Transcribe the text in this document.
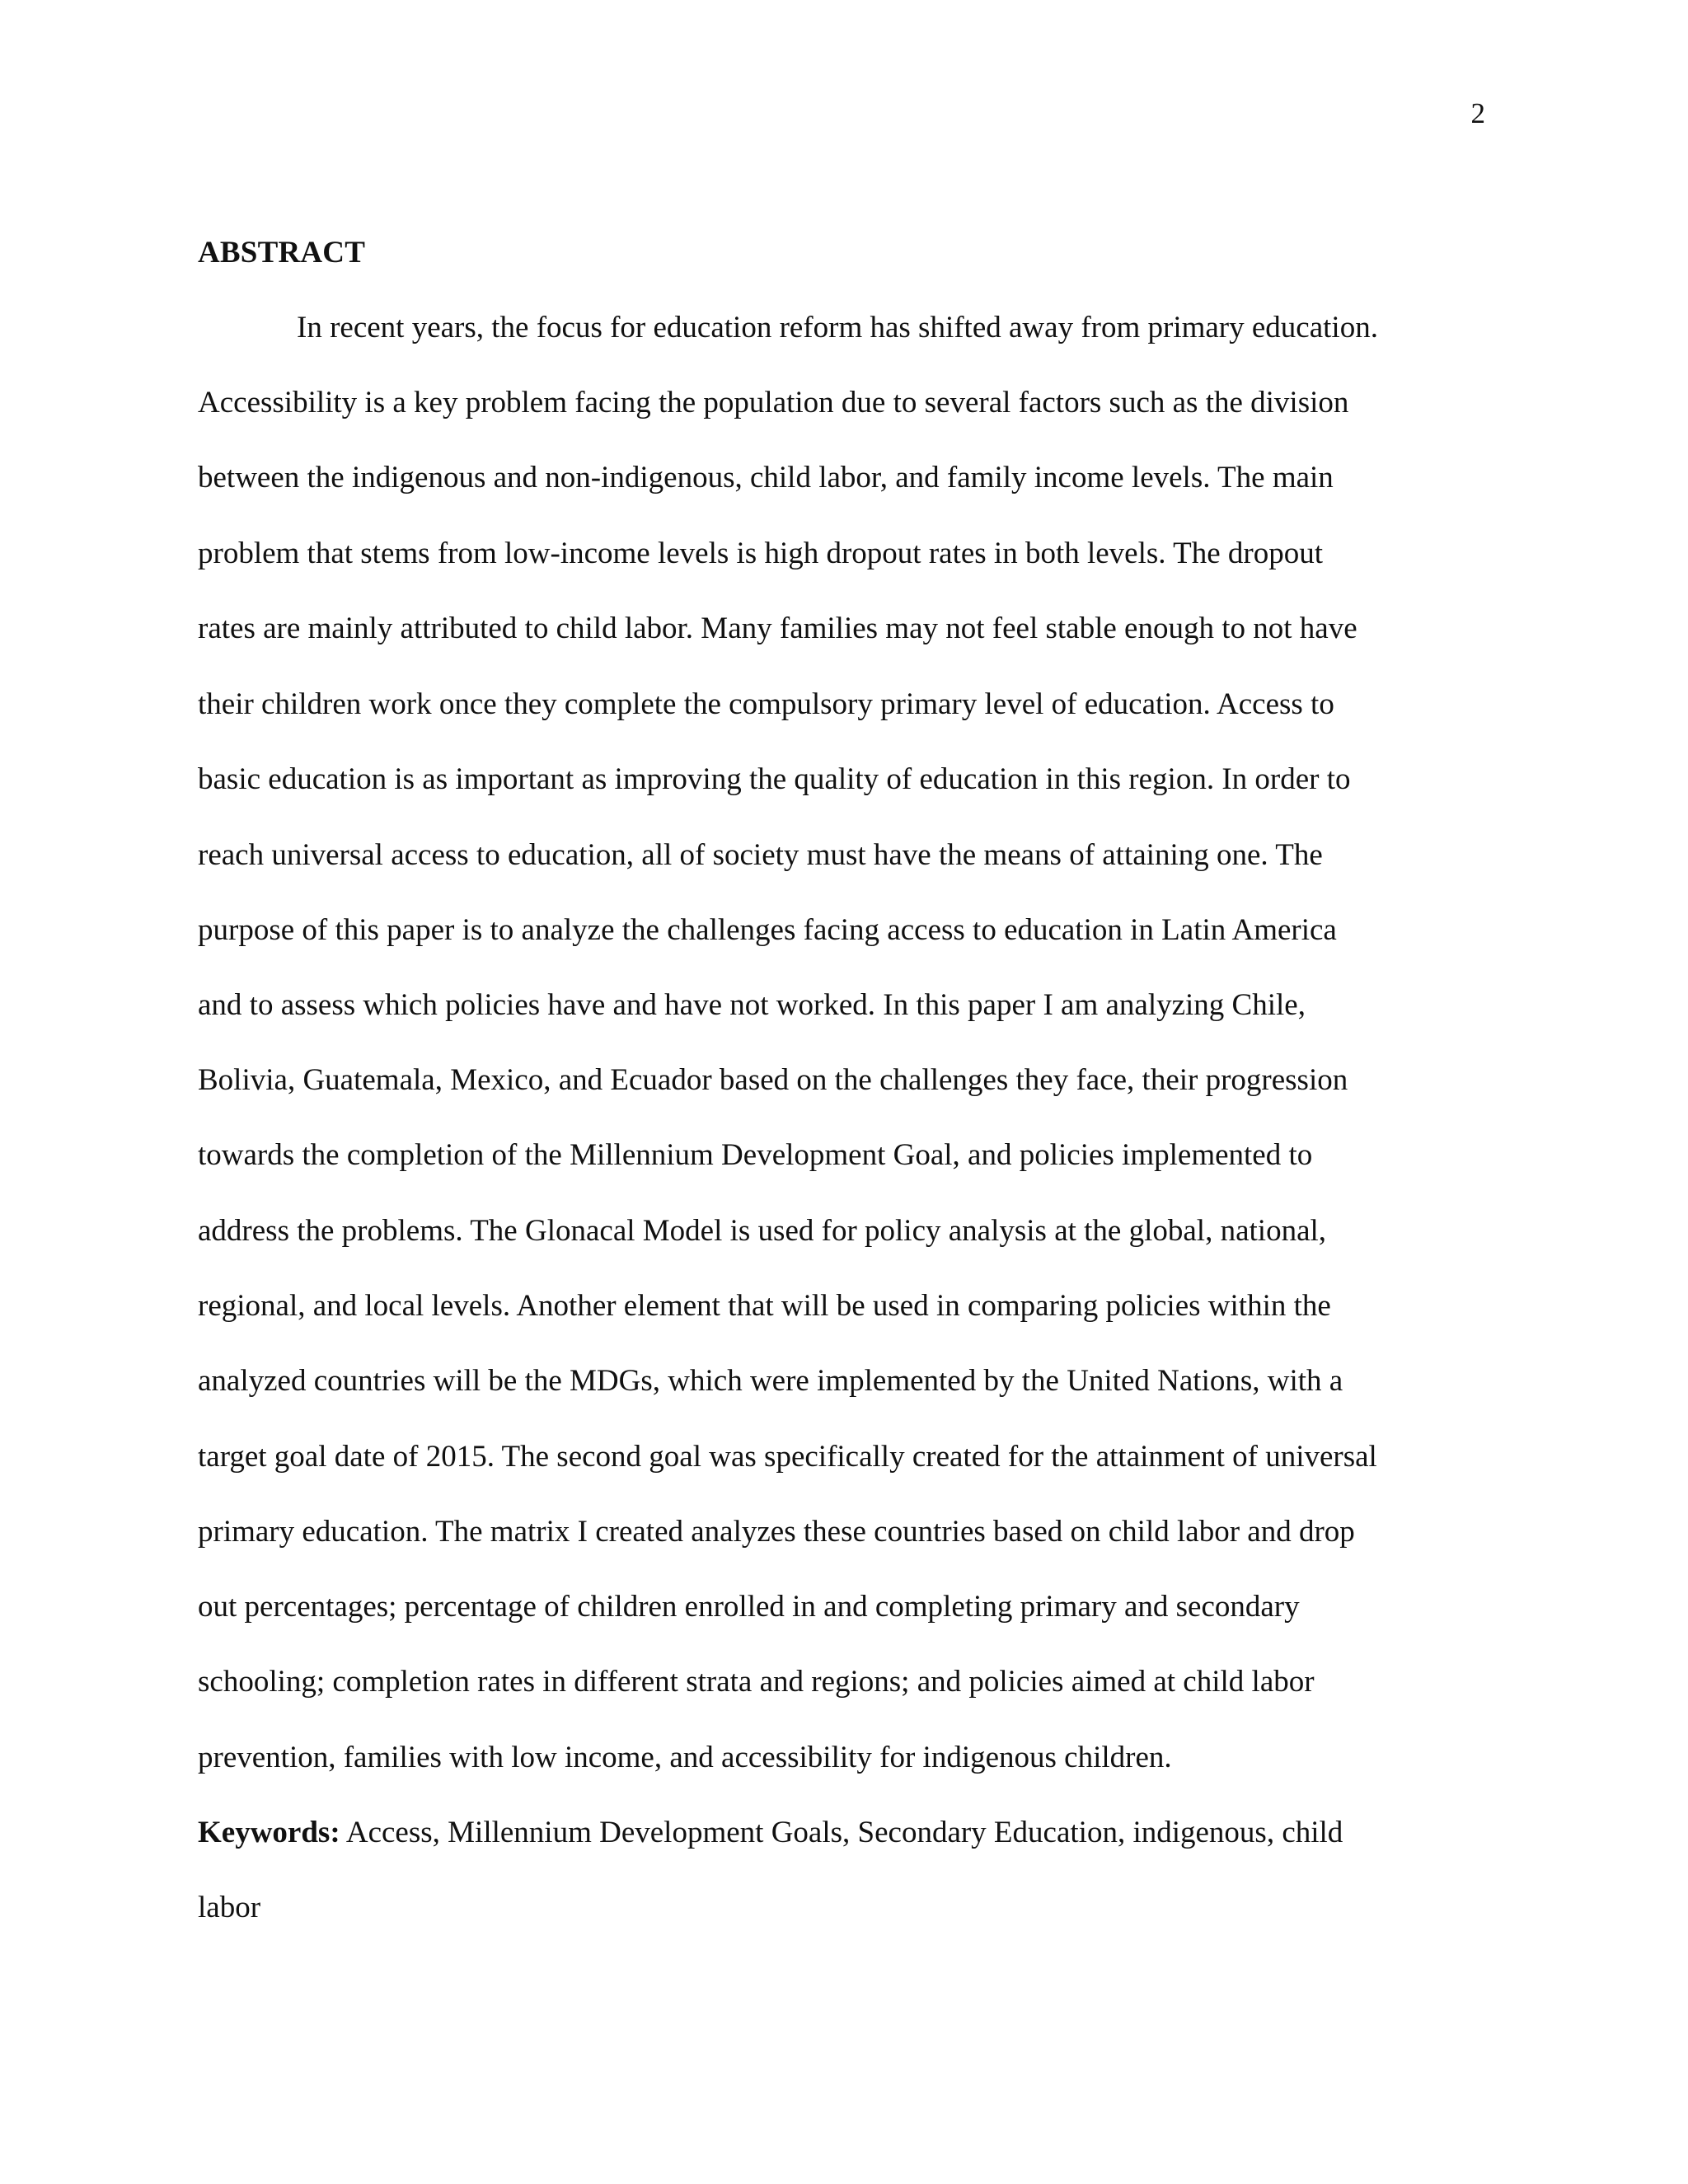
2
ABSTRACT
In recent years, the focus for education reform has shifted away from primary education.
Accessibility is a key problem facing the population due to several factors such as the division
between the indigenous and non-indigenous, child labor, and family income levels. The main
problem that stems from low-income levels is high dropout rates in both levels. The dropout
rates are mainly attributed to child labor. Many families may not feel stable enough to not have
their children work once they complete the compulsory primary level of education. Access to
basic education is as important as improving the quality of education in this region. In order to
reach universal access to education, all of society must have the means of attaining one. The
purpose of this paper is to analyze the challenges facing access to education in Latin America
and to assess which policies have and have not worked. In this paper I am analyzing Chile,
Bolivia, Guatemala, Mexico, and Ecuador based on the challenges they face, their progression
towards the completion of the Millennium Development Goal, and policies implemented to
address the problems. The Glonacal Model is used for policy analysis at the global, national,
regional, and local levels. Another element that will be used in comparing policies within the
analyzed countries will be the MDGs, which were implemented by the United Nations, with a
target goal date of 2015. The second goal was specifically created for the attainment of universal
primary education. The matrix I created analyzes these countries based on child labor and drop
out percentages; percentage of children enrolled in and completing primary and secondary
schooling; completion rates in different strata and regions; and policies aimed at child labor
prevention, families with low income, and accessibility for indigenous children.
Keywords: Access, Millennium Development Goals, Secondary Education, indigenous, child
labor
